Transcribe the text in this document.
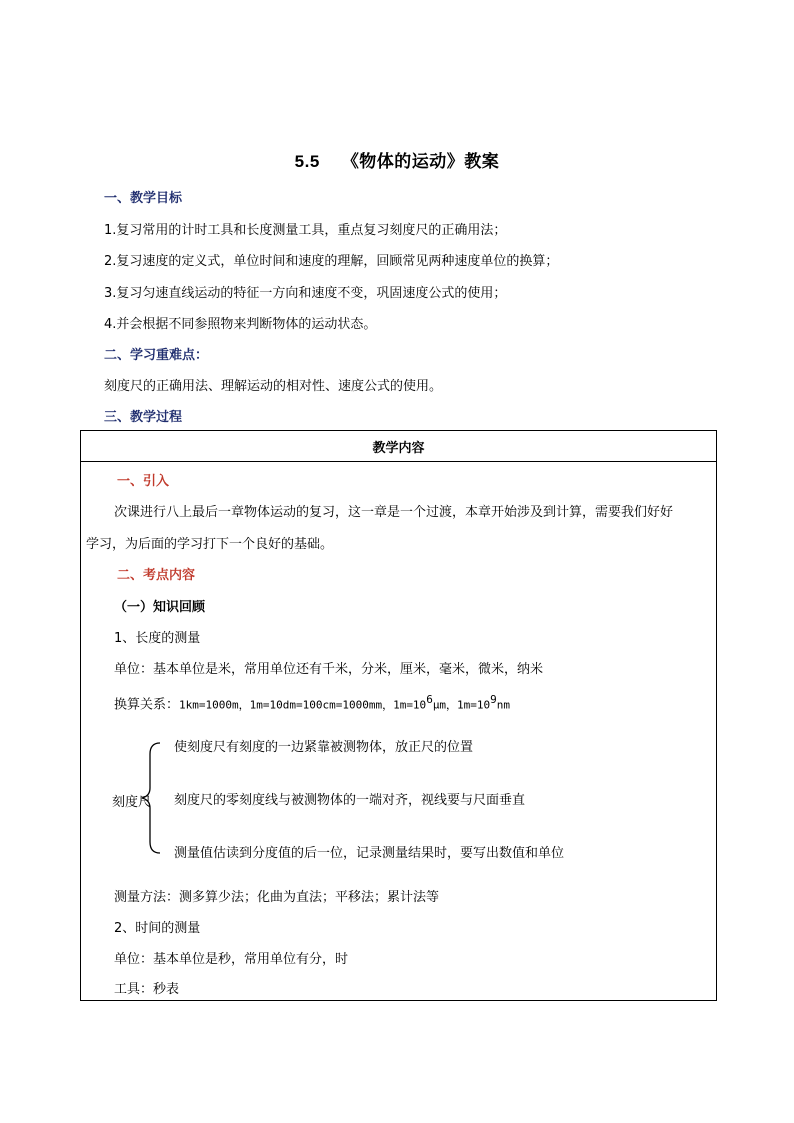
5.5 《物体的运动》教案
一、教学目标
1.复习常用的计时工具和长度测量工具，重点复习刻度尺的正确用法；
2.复习速度的定义式，单位时间和速度的理解，回顾常见两种速度单位的换算；
3.复习匀速直线运动的特征一方向和速度不变，巩固速度公式的使用；
4.并会根据不同参照物来判断物体的运动状态。
二、学习重难点：
刻度尺的正确用法、理解运动的相对性、速度公式的使用。
三、教学过程
教学内容
一、引入
次课进行八上最后一章物体运动的复习，这一章是一个过渡，本章开始涉及到计算，需要我们好好
学习，为后面的学习打下一个良好的基础。
二、考点内容
（一）知识回顾
1、长度的测量
单位：基本单位是米，常用单位还有千米，分米，厘米，毫米，微米，纳米
换算关系：1km=1000m，1m=10dm=100cm=1000mm，$1m=10^6\mu m$，$1m=10^9nm$
刻度尺
使刻度尺有刻度的一边紧靠被测物体，放正尺的位置
刻度尺的零刻度线与被测物体的一端对齐，视线要与尺面垂直
测量值估读到分度值的后一位，记录测量结果时，要写出数值和单位
测量方法：测多算少法；化曲为直法；平移法；累计法等
2、时间的测量
单位：基本单位是秒，常用单位有分，时
工具：秒表
